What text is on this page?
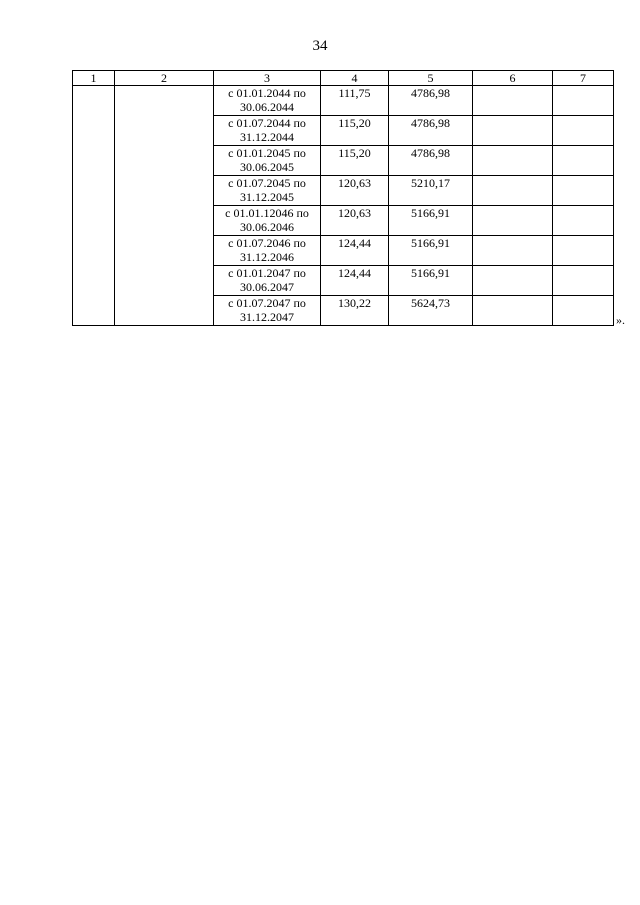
34
1	2	3	4	5	6	7
		с 01.01.2044 по
30.06.2044	111,75	4786,98		
		с 01.07.2044 по
31.12.2044	115,20	4786,98		
		с 01.01.2045 по
30.06.2045	115,20	4786,98		
		с 01.07.2045 по
31.12.2045	120,63	5210,17		
		с 01.01.12046 по
30.06.2046	120,63	5166,91		
		с 01.07.2046 по
31.12.2046	124,44	5166,91		
		с 01.01.2047 по
30.06.2047	124,44	5166,91		
		с 01.07.2047 по
31.12.2047	130,22	5624,73		
».
